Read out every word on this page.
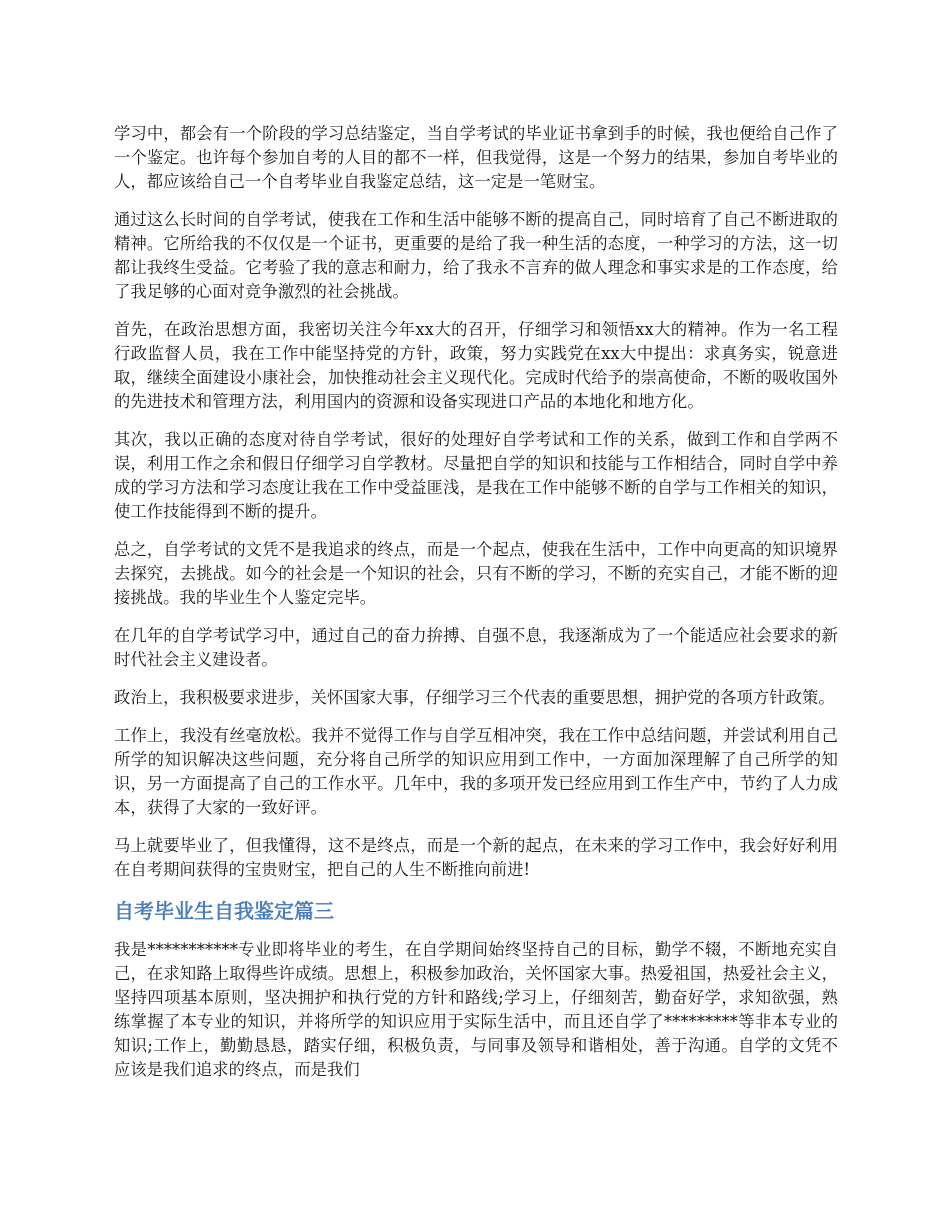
学习中，都会有一个阶段的学习总结鉴定，当自学考试的毕业证书拿到手的时候，我也便给自己作了一个鉴定。也许每个参加自考的人目的都不一样，但我觉得，这是一个努力的结果，参加自考毕业的人，都应该给自己一个自考毕业自我鉴定总结，这一定是一笔财宝。

通过这么长时间的自学考试，使我在工作和生活中能够不断的提高自己，同时培育了自己不断进取的精神。它所给我的不仅仅是一个证书，更重要的是给了我一种生活的态度，一种学习的方法，这一切都让我终生受益。它考验了我的意志和耐力，给了我永不言弃的做人理念和事实求是的工作态度，给了我足够的心面对竞争激烈的社会挑战。

首先，在政治思想方面，我密切关注今年xx大的召开，仔细学习和领悟xx大的精神。作为一名工程行政监督人员，我在工作中能坚持党的方针，政策，努力实践党在xx大中提出：求真务实，锐意进取，继续全面建设小康社会，加快推动社会主义现代化。完成时代给予的崇高使命，不断的吸收国外的先进技术和管理方法，利用国内的资源和设备实现进口产品的本地化和地方化。

其次，我以正确的态度对待自学考试，很好的处理好自学考试和工作的关系，做到工作和自学两不误，利用工作之余和假日仔细学习自学教材。尽量把自学的知识和技能与工作相结合，同时自学中养成的学习方法和学习态度让我在工作中受益匪浅，是我在工作中能够不断的自学与工作相关的知识，使工作技能得到不断的提升。

总之，自学考试的文凭不是我追求的终点，而是一个起点，使我在生活中，工作中向更高的知识境界去探究，去挑战。如今的社会是一个知识的社会，只有不断的学习，不断的充实自己，才能不断的迎接挑战。我的毕业生个人鉴定完毕。

在几年的自学考试学习中，通过自己的奋力拚搏、自强不息，我逐渐成为了一个能适应社会要求的新时代社会主义建设者。

政治上，我积极要求进步，关怀国家大事，仔细学习三个代表的重要思想，拥护党的各项方针政策。

工作上，我没有丝毫放松。我并不觉得工作与自学互相冲突，我在工作中总结问题，并尝试利用自己所学的知识解决这些问题，充分将自己所学的知识应用到工作中，一方面加深理解了自己所学的知识，另一方面提高了自己的工作水平。几年中，我的多项开发已经应用到工作生产中，节约了人力成本，获得了大家的一致好评。

马上就要毕业了，但我懂得，这不是终点，而是一个新的起点，在未来的学习工作中，我会好好利用在自考期间获得的宝贵财宝，把自己的人生不断推向前进!

自考毕业生自我鉴定篇三

我是***********专业即将毕业的考生，在自学期间始终坚持自己的目标，勤学不辍，不断地充实自己，在求知路上取得些许成绩。思想上，积极参加政治，关怀国家大事。热爱祖国，热爱社会主义，坚持四项基本原则，坚决拥护和执行党的方针和路线;学习上，仔细刻苦，勤奋好学，求知欲强，熟练掌握了本专业的知识，并将所学的知识应用于实际生活中，而且还自学了*********等非本专业的知识;工作上，勤勤恳恳，踏实仔细，积极负责，与同事及领导和谐相处，善于沟通。自学的文凭不应该是我们追求的终点，而是我们
